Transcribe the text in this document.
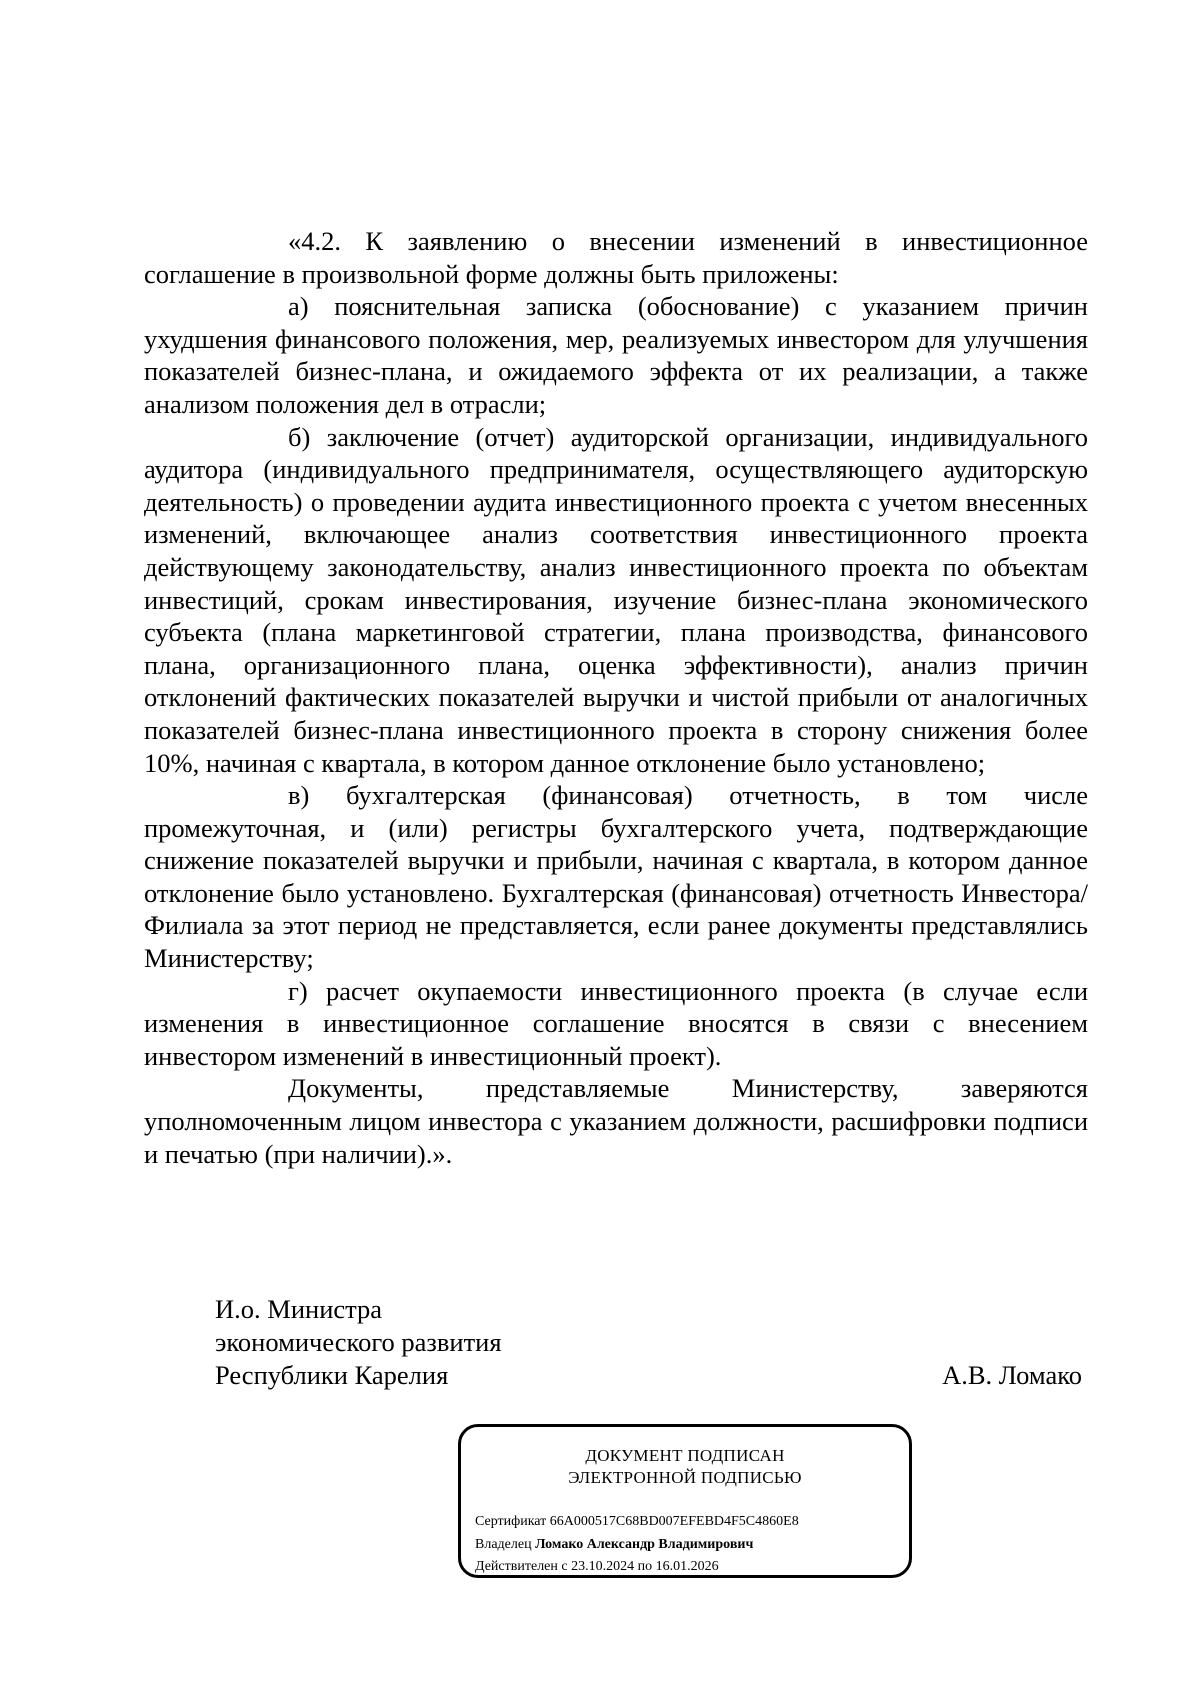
«4.2. К заявлению о внесении изменений в инвестиционное соглашение в произвольной форме должны быть приложены:

а) пояснительная записка (обоснование) с указанием причин ухудшения финансового положения, мер, реализуемых инвестором для улучшения показателей бизнес-плана, и ожидаемого эффекта от их реализации, а также анализом положения дел в отрасли;

б) заключение (отчет) аудиторской организации, индивидуального аудитора (индивидуального предпринимателя, осуществляющего аудиторскую деятельность) о проведении аудита инвестиционного проекта с учетом внесенных изменений, включающее анализ соответствия инвестиционного проекта действующему законодательству, анализ инвестиционного проекта по объектам инвестиций, срокам инвестирования, изучение бизнес-плана экономического субъекта (плана маркетинговой стратегии, плана производства, финансового плана, организационного плана, оценка эффективности), анализ причин отклонений фактических показателей выручки и чистой прибыли от аналогичных показателей бизнес-плана инвестиционного проекта в сторону снижения более 10%, начиная с квартала, в котором данное отклонение было установлено;

в) бухгалтерская (финансовая) отчетность, в том числе промежуточная, и (или) регистры бухгалтерского учета, подтверждающие снижение показателей выручки и прибыли, начиная с квартала, в котором данное отклонение было установлено. Бухгалтерская (финансовая) отчетность Инвестора/Филиала за этот период не представляется, если ранее документы представлялись Министерству;

г) расчет окупаемости инвестиционного проекта (в случае если изменения в инвестиционное соглашение вносятся в связи с внесением инвестором изменений в инвестиционный проект).

Документы, представляемые Министерству, заверяются уполномоченным лицом инвестора с указанием должности, расшифровки подписи и печатью (при наличии).».

И.о. Министра
экономического развития
Республики Карелия	А.В. Ломако
ДОКУМЕНТ ПОДПИСАН
ЭЛЕКТРОННОЙ ПОДПИСЬЮ
Сертификат 66A000517C68BD007EFEBD4F5C4860E8
Владелец Ломако Александр Владимирович
Действителен с 23.10.2024 по 16.01.2026
